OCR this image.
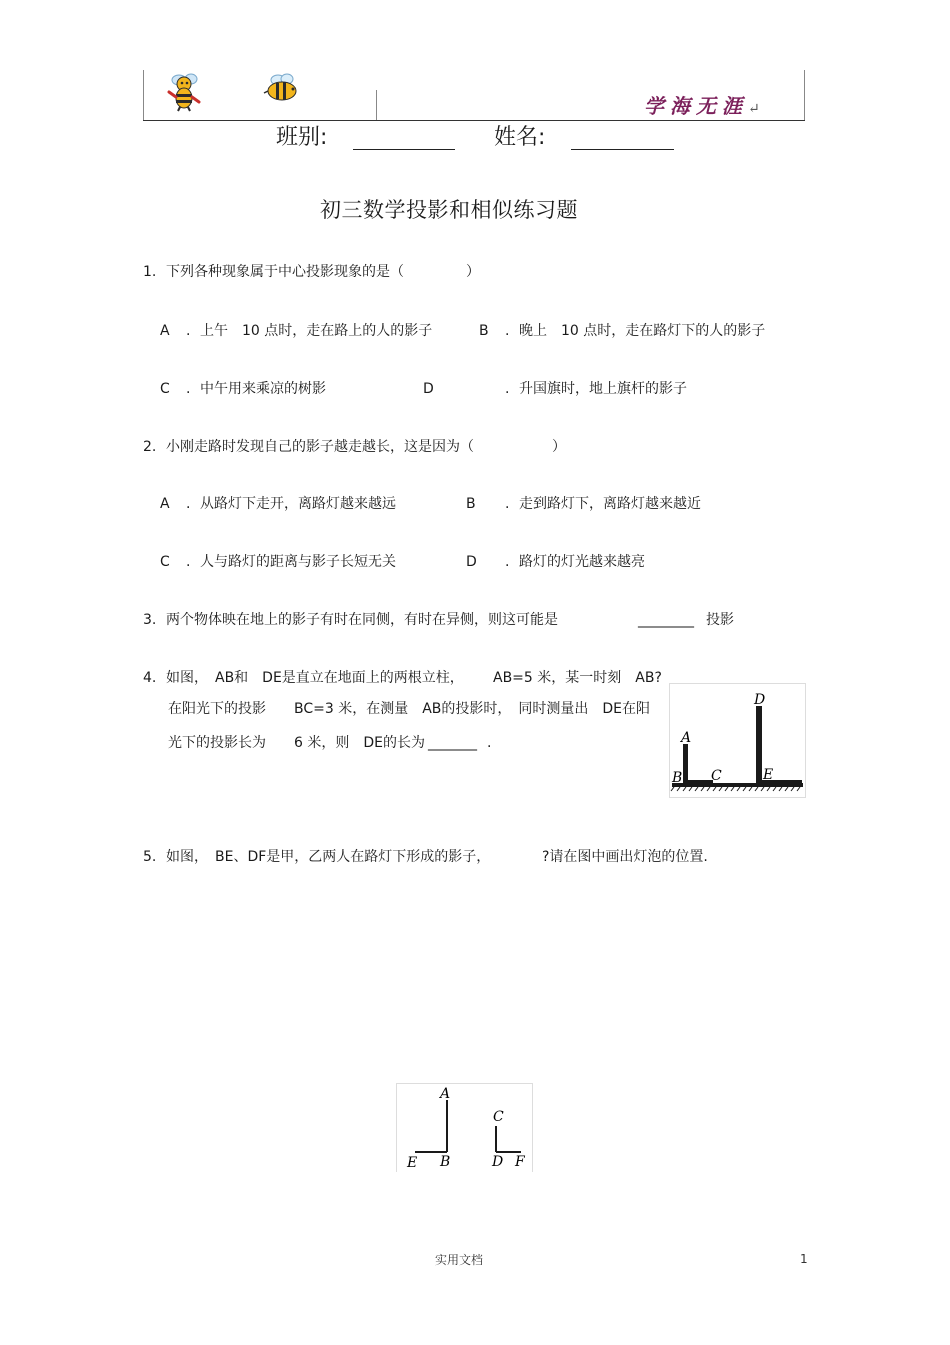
学海无涯↵
班别:	姓名:
初三数学投影和相似练习题
1. 下列各种现象属于中心投影现象的是（	）
A . 上午　10 点时，走在路上的人的影子	B . 晚上　10 点时，走在路灯下的人的影子
C . 中午用来乘凉的树影	D	. 升国旗时，地上旗杆的影子
2. 小刚走路时发现自己的影子越走越长，这是因为（	）
A . 从路灯下走开，离路灯越来越远	B . 走到路灯下，离路灯越来越近
C . 人与路灯的距离与影子长短无关	D . 路灯的灯光越来越亮
3. 两个物体映在地上的影子有时在同侧，有时在异侧，则这可能是	________ 投影
4. 如图，　AB和　DE是直立在地面上的两根立柱， AB=5 米，某一时刻　AB?
在阳光下的投影　　BC=3 米，在测量　AB的投影时，　同时测量出　DE在阳
光下的投影长为　　6 米，则　DE的长为 _______ .	A
B C
D
E
5. 如图，　BE、DF是甲，乙两人在路灯下形成的影子，	?请在图中画出灯泡的位置.
A
C
E B	D F
实用文档	1
